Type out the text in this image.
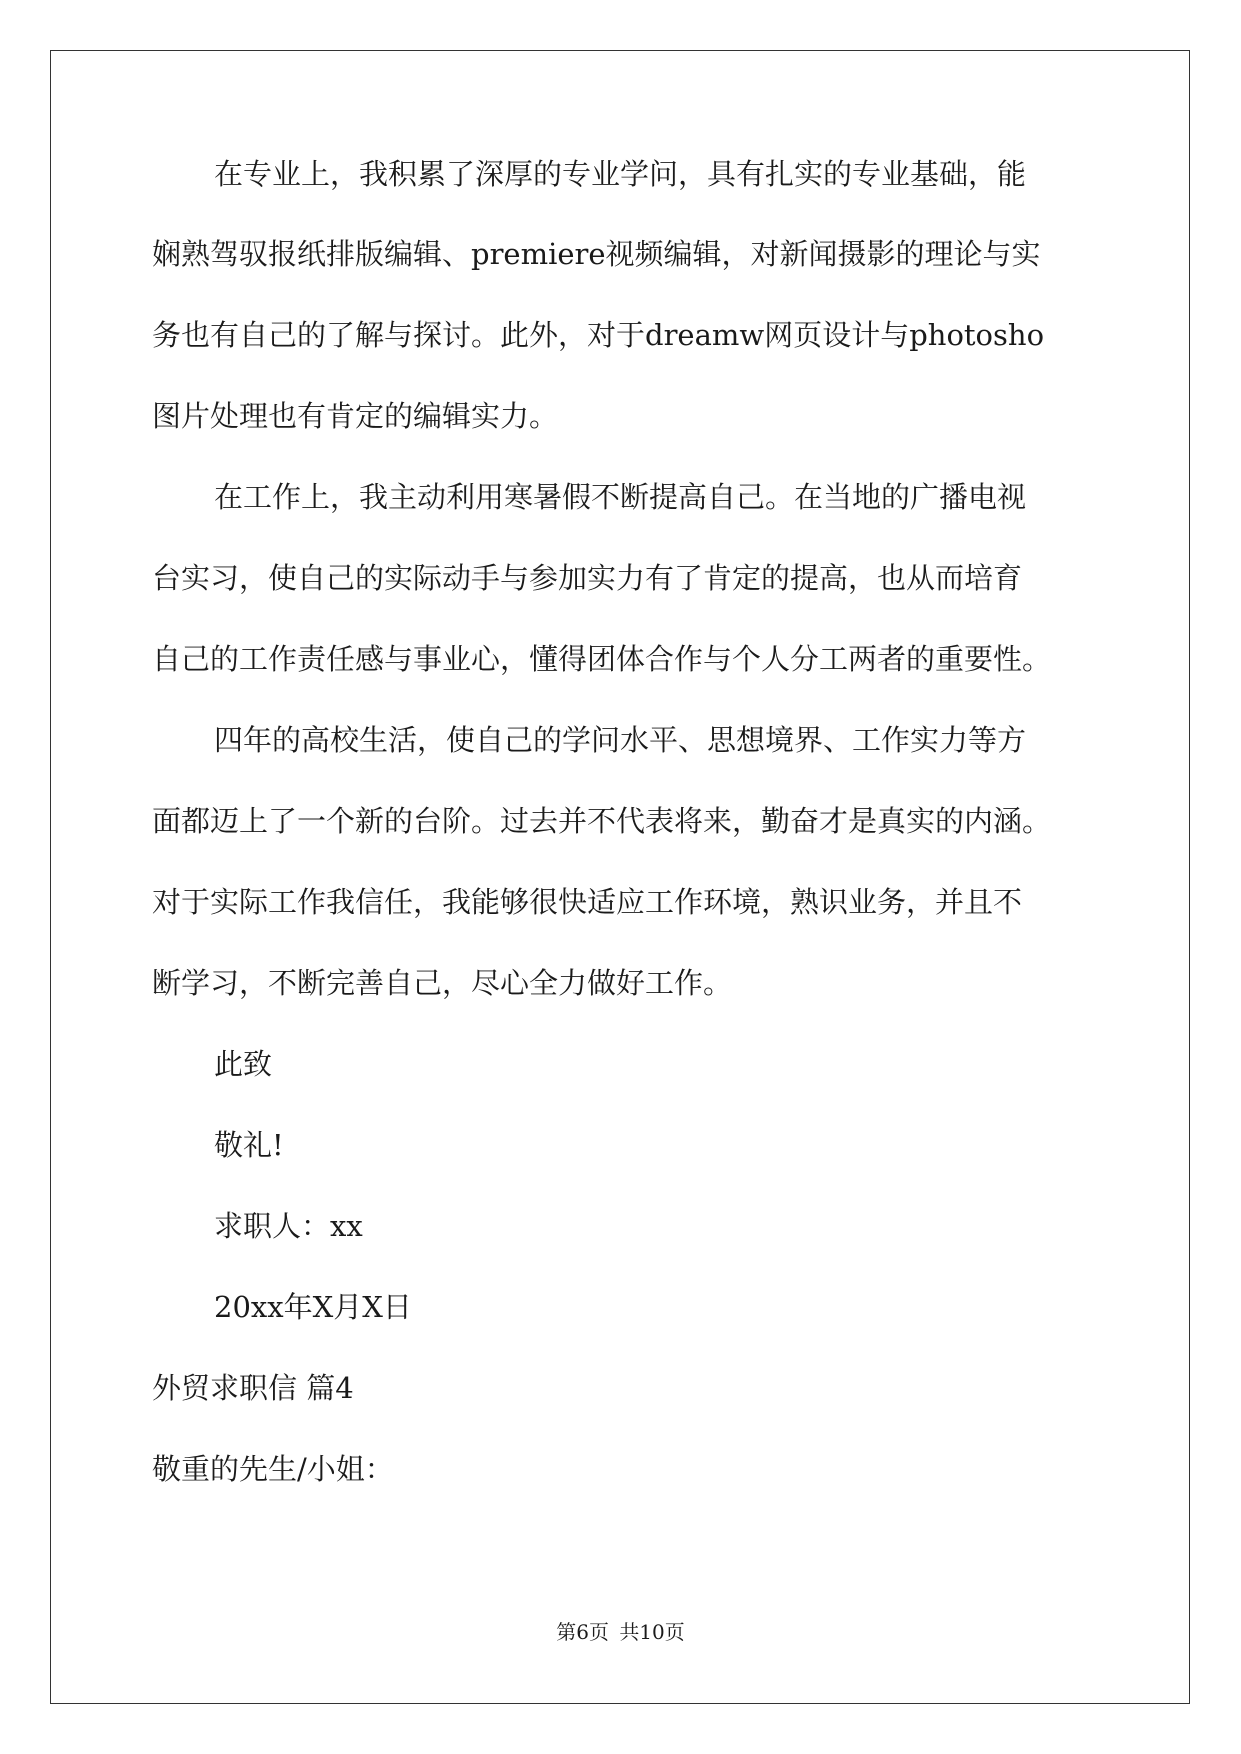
在专业上，我积累了深厚的专业学问，具有扎实的专业基础，能
娴熟驾驭报纸排版编辑、premiere视频编辑，对新闻摄影的理论与实
务也有自己的了解与探讨。此外，对于dreamw网页设计与photosho
图片处理也有肯定的编辑实力。
在工作上，我主动利用寒暑假不断提高自己。在当地的广播电视
台实习，使自己的实际动手与参加实力有了肯定的提高，也从而培育
自己的工作责任感与事业心，懂得团体合作与个人分工两者的重要性。
四年的高校生活，使自己的学问水平、思想境界、工作实力等方
面都迈上了一个新的台阶。过去并不代表将来，勤奋才是真实的内涵。
对于实际工作我信任，我能够很快适应工作环境，熟识业务，并且不
断学习，不断完善自己，尽心全力做好工作。
此致
敬礼!
求职人：xx
20xx年X月X日
外贸求职信 篇4
敬重的先生/小姐：
第6页 共10页
